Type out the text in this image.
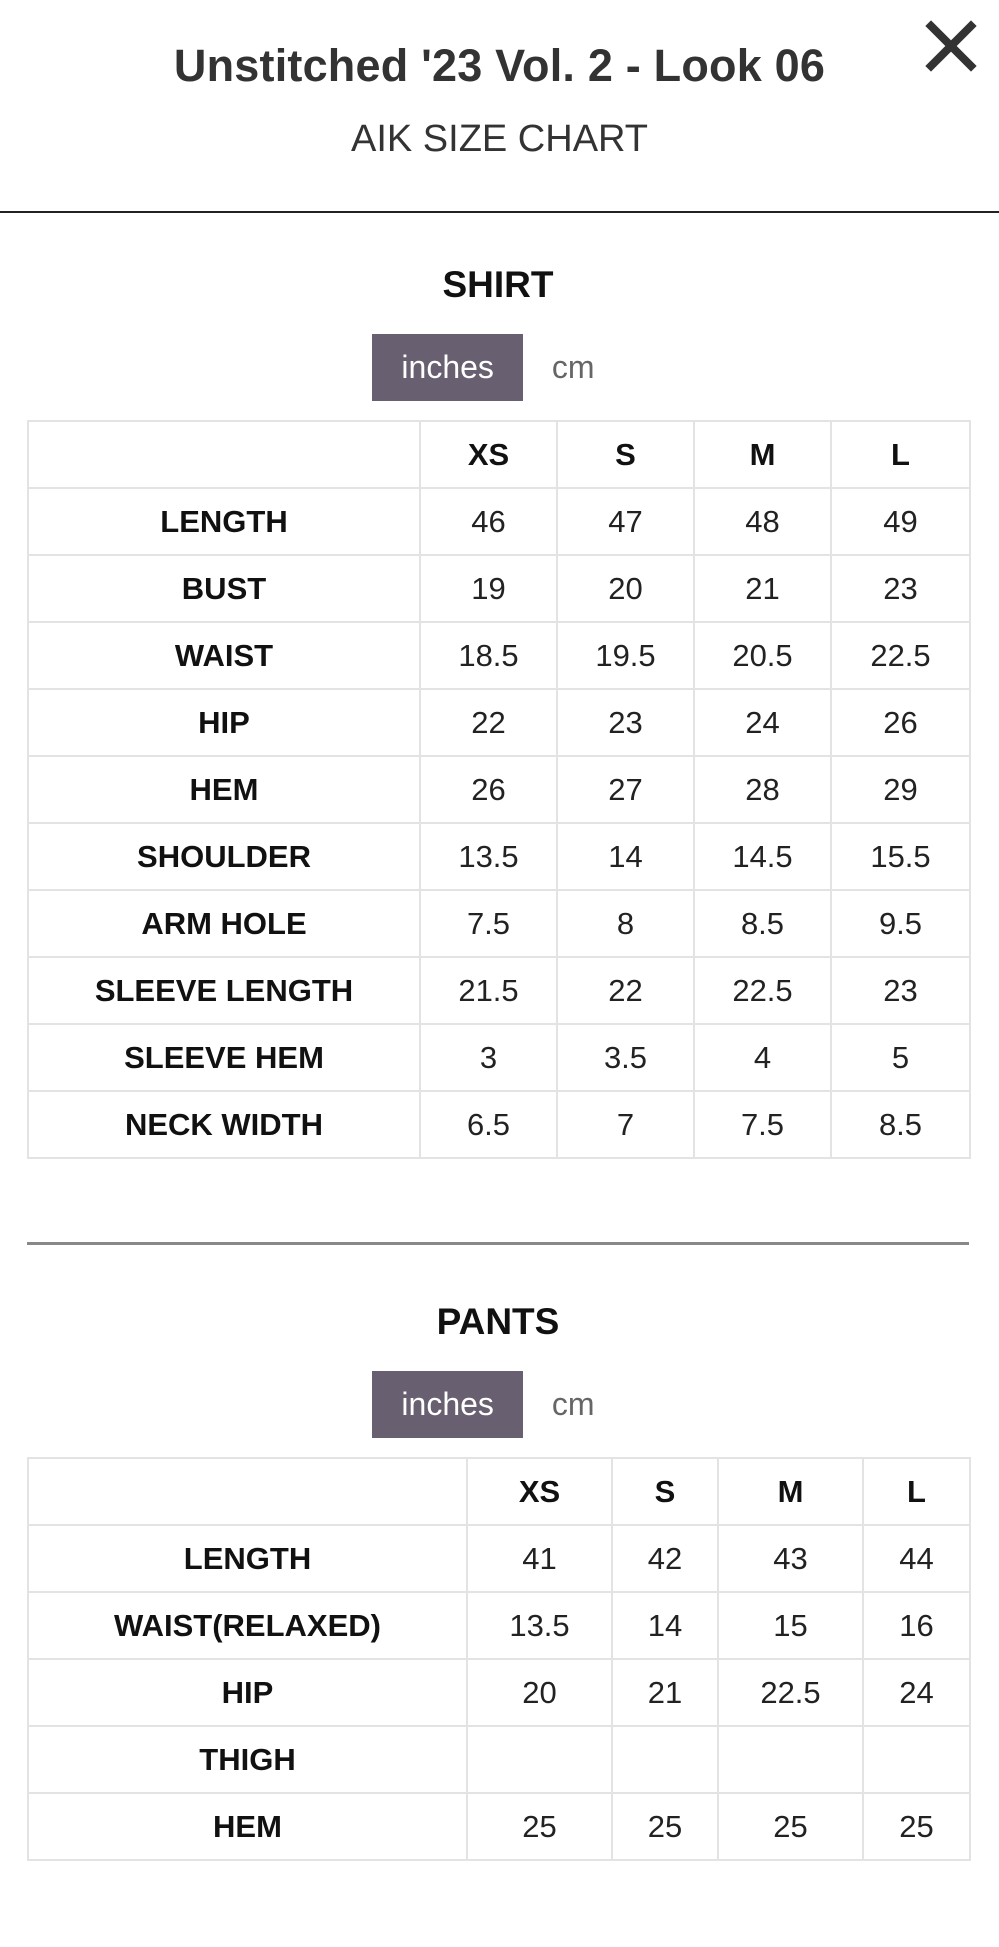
Unstitched '23 Vol. 2 - Look 06
AIK SIZE CHART
SHIRT
inches	cm
	XS	S	M	L
LENGTH	46	47	48	49
BUST	19	20	21	23
WAIST	18.5	19.5	20.5	22.5
HIP	22	23	24	26
HEM	26	27	28	29
SHOULDER	13.5	14	14.5	15.5
ARM HOLE	7.5	8	8.5	9.5
SLEEVE LENGTH	21.5	22	22.5	23
SLEEVE HEM	3	3.5	4	5
NECK WIDTH	6.5	7	7.5	8.5
PANTS
inches	cm
	XS	S	M	L
LENGTH	41	42	43	44
WAIST(RELAXED)	13.5	14	15	16
HIP	20	21	22.5	24
THIGH				
HEM	25	25	25	25
